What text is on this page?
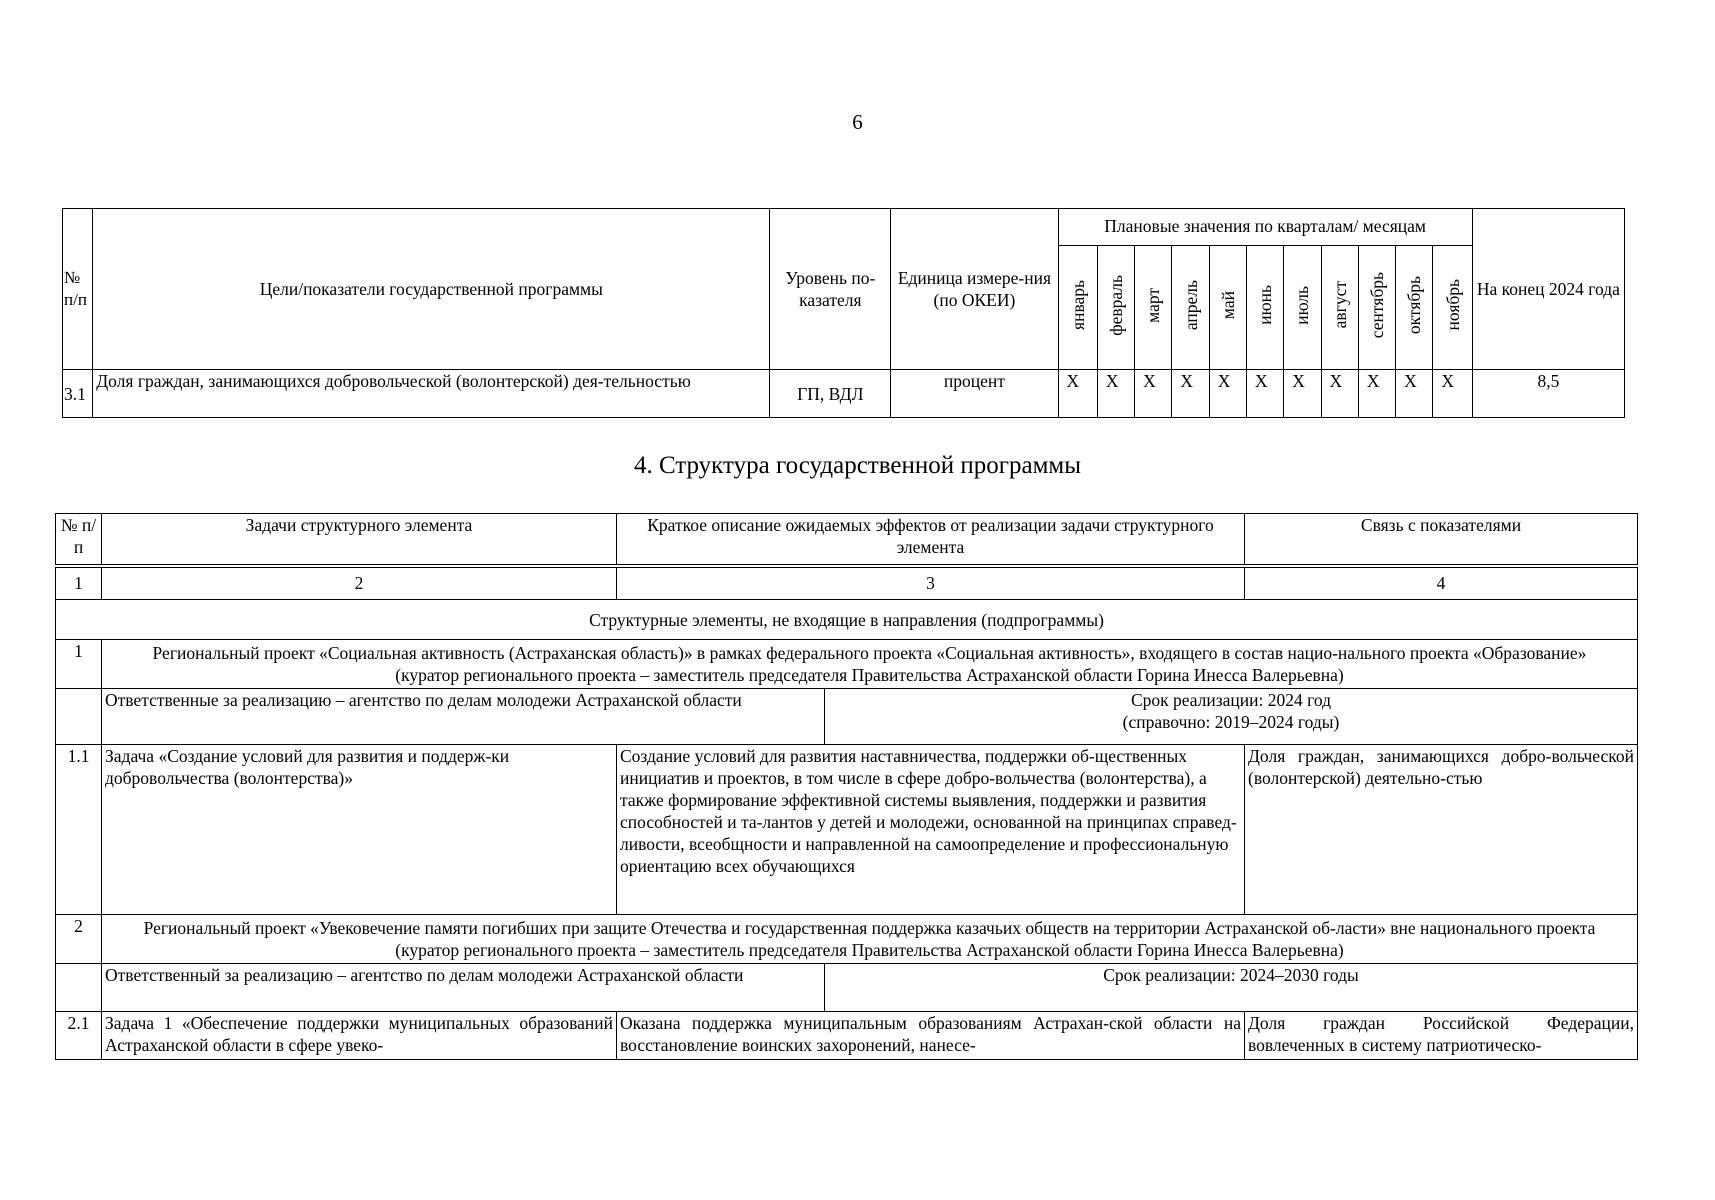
6
№ п/п	Цели/показатели государственной программы	Уровень по-казателя	Единица измере-ния (по ОКЕИ)	Плановые значения по кварталам/ месяцам											На конец 2024 года
				январь	февраль	март	апрель	май	июнь	июль	август	сентябрь	октябрь	ноябрь	
3.1	Доля граждан, занимающихся добровольческой (волонтерской) дея-тельностью	ГП, ВДЛ	процент	X	X	X	X	X	X	X	X	X	X	X	8,5
4. Структура государственной программы
№ п/п	Задачи структурного элемента	Краткое описание ожидаемых эффектов от реализации задачи структурного элемента		Связь с показателями
1	2	3		4
Структурные элементы, не входящие в направления (подпрограммы)				
1	Региональный проект «Социальная активность (Астраханская область)» в рамках федерального проекта «Социальная активность», входящего в состав нацио-нального проекта «Образование»
(куратор регионального проекта – заместитель председателя Правительства Астраханской области Горина Инесса Валерьевна)			

	Ответственные за реализацию – агентство по делам молодежи Астраханской области		Срок реализации: 2024 год
(справочно: 2019–2024 годы)	

1.1	Задача «Создание условий для развития и поддерж-ки добровольчества (волонтерства)»	Создание условий для развития наставничества, поддержки об-щественных инициатив и проектов, в том числе в сфере добро-вольчества (волонтерства), а также формирование эффективной системы выявления, поддержки и развития способностей и та-лантов у детей и молодежи, основанной на принципах справед-ливости, всеобщности и направленной на самоопределение и профессиональную ориентацию всех обучающихся		Доля граждан, занимающихся добро-вольческой (волонтерской) деятельно-стью
2	Региональный проект «Увековечение памяти погибших при защите Отечества и государственная поддержка казачьих обществ на территории Астраханской об-ласти» вне национального проекта
(куратор регионального проекта – заместитель председателя Правительства Астраханской области Горина Инесса Валерьевна)			

	Ответственный за реализацию – агентство по делам молодежи Астраханской области		Срок реализации: 2024–2030 годы	
2.1	Задача 1 «Обеспечение поддержки муниципальных образований Астраханской области в сфере увеко-	Оказана поддержка муниципальным образованиям Астрахан-ской области на восстановление воинских захоронений, нанесе-		Доля граждан Российской Федерации, вовлеченных в систему патриотическо-
